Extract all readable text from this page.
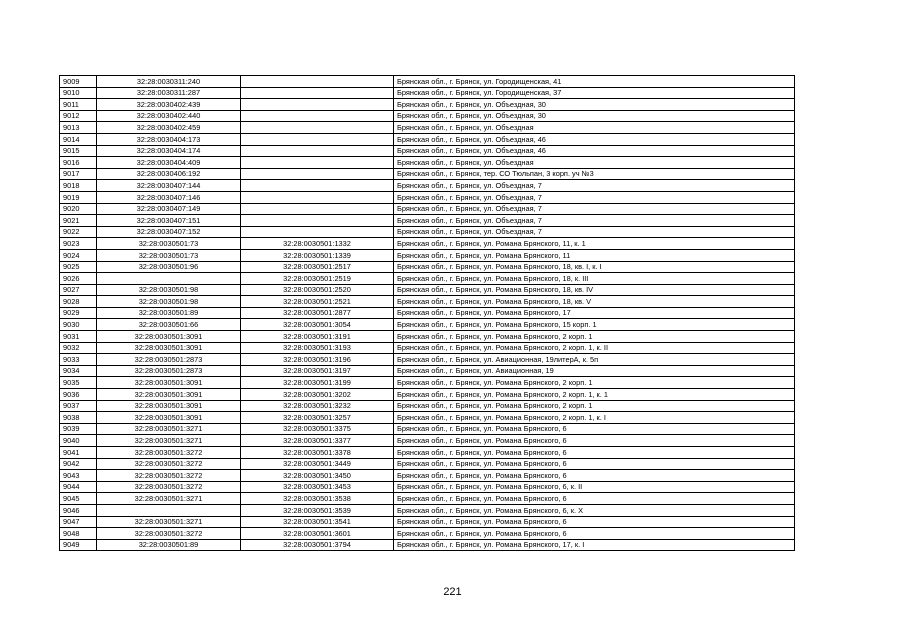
9009	32:28:0030311:240		Брянская обл., г. Брянск, ул. Городищенская, 41
9010	32:28:0030311:287		Брянская обл., г. Брянск, ул. Городищенская, 37
9011	32:28:0030402:439		Брянская обл., г. Брянск, ул. Объездная, 30
9012	32:28:0030402:440		Брянская обл., г. Брянск, ул. Объездная, 30
9013	32:28:0030402:459		Брянская обл., г. Брянск, ул. Объездная
9014	32:28:0030404:173		Брянская обл., г. Брянск, ул. Объездная, 46
9015	32:28:0030404:174		Брянская обл., г. Брянск, ул. Объездная, 46
9016	32:28:0030404:409		Брянская обл., г. Брянск, ул. Объездная
9017	32:28:0030406:192		Брянская обл., г. Брянск, тер. СО Тюльпан, 3 корп. уч №3
9018	32:28:0030407:144		Брянская обл., г. Брянск, ул. Объездная, 7
9019	32:28:0030407:146		Брянская обл., г. Брянск, ул. Объездная, 7
9020	32:28:0030407:149		Брянская обл., г. Брянск, ул. Объездная, 7
9021	32:28:0030407:151		Брянская обл., г. Брянск, ул. Объездная, 7
9022	32:28:0030407:152		Брянская обл., г. Брянск, ул. Объездная, 7
9023	32:28:0030501:73	32:28:0030501:1332	Брянская обл., г. Брянск, ул. Романа Брянского, 11, к. 1
9024	32:28:0030501:73	32:28:0030501:1339	Брянская обл., г. Брянск, ул. Романа Брянского, 11
9025	32:28:0030501:96	32:28:0030501:2517	Брянская обл., г. Брянск, ул. Романа Брянского, 18, кв. I, к. I
9026		32:28:0030501:2519	Брянская обл., г. Брянск, ул. Романа Брянского, 18, к. III
9027	32:28:0030501:98	32:28:0030501:2520	Брянская обл., г. Брянск, ул. Романа Брянского, 18, кв. IV
9028	32:28:0030501:98	32:28:0030501:2521	Брянская обл., г. Брянск, ул. Романа Брянского, 18, кв. V
9029	32:28:0030501:89	32:28:0030501:2877	Брянская обл., г. Брянск, ул. Романа Брянского, 17
9030	32:28:0030501:66	32:28:0030501:3054	Брянская обл., г. Брянск, ул. Романа Брянского, 15 корп. 1
9031	32:28:0030501:3091	32:28:0030501:3191	Брянская обл., г. Брянск, ул. Романа Брянского, 2 корп. 1
9032	32:28:0030501:3091	32:28:0030501:3193	Брянская обл., г. Брянск, ул. Романа Брянского, 2 корп. 1, к. II
9033	32:28:0030501:2873	32:28:0030501:3196	Брянская обл., г. Брянск, ул. Авиационная, 19литерА, к. 5п
9034	32:28:0030501:2873	32:28:0030501:3197	Брянская обл., г. Брянск, ул. Авиационная, 19
9035	32:28:0030501:3091	32:28:0030501:3199	Брянская обл., г. Брянск, ул. Романа Брянского, 2 корп. 1
9036	32:28:0030501:3091	32:28:0030501:3202	Брянская обл., г. Брянск, ул. Романа Брянского, 2 корп. 1, к. 1
9037	32:28:0030501:3091	32:28:0030501:3232	Брянская обл., г. Брянск, ул. Романа Брянского, 2 корп. 1
9038	32:28:0030501:3091	32:28:0030501:3257	Брянская обл., г. Брянск, ул. Романа Брянского, 2 корп. 1, к. I
9039	32:28:0030501:3271	32:28:0030501:3375	Брянская обл., г. Брянск, ул. Романа Брянского, 6
9040	32:28:0030501:3271	32:28:0030501:3377	Брянская обл., г. Брянск, ул. Романа Брянского, 6
9041	32:28:0030501:3272	32:28:0030501:3378	Брянская обл., г. Брянск, ул. Романа Брянского, 6
9042	32:28:0030501:3272	32:28:0030501:3449	Брянская обл., г. Брянск, ул. Романа Брянского, 6
9043	32:28:0030501:3272	32:28:0030501:3450	Брянская обл., г. Брянск, ул. Романа Брянского, 6
9044	32:28:0030501:3272	32:28:0030501:3453	Брянская обл., г. Брянск, ул. Романа Брянского, 6, к. II
9045	32:28:0030501:3271	32:28:0030501:3538	Брянская обл., г. Брянск, ул. Романа Брянского, 6
9046		32:28:0030501:3539	Брянская обл., г. Брянск, ул. Романа Брянского, 6, к. Х
9047	32:28:0030501:3271	32:28:0030501:3541	Брянская обл., г. Брянск, ул. Романа Брянского, 6
9048	32:28:0030501:3272	32:28:0030501:3601	Брянская обл., г. Брянск, ул. Романа Брянского, 6
9049	32:28:0030501:89	32:28:0030501:3794	Брянская обл., г. Брянск, ул. Романа Брянского, 17, к. I
221
